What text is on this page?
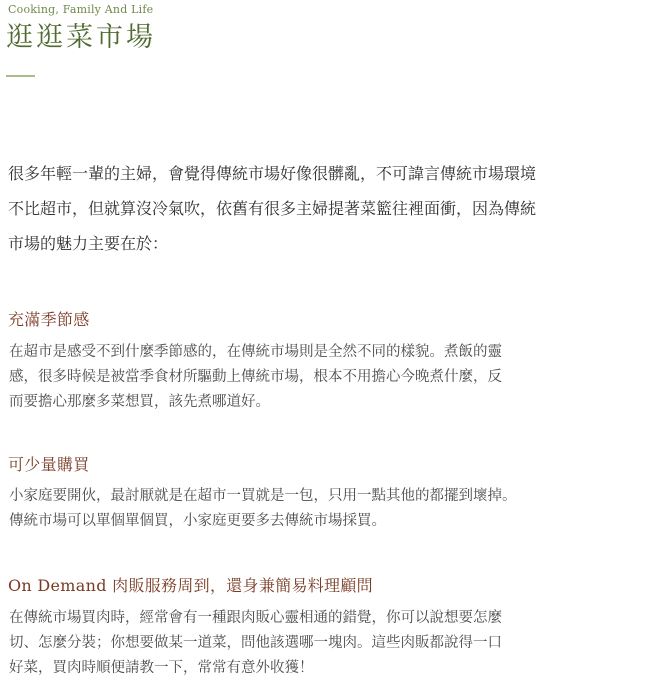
Cooking, Family And Life
逛逛菜市場

很多年輕一輩的主婦，會覺得傳統市場好像很髒亂，不可諱言傳統市場環境
不比超市，但就算沒冷氣吹，依舊有很多主婦提著菜籃往裡面衝，因為傳統
市場的魅力主要在於：

充滿季節感

在超市是感受不到什麼季節感的，在傳統市場則是全然不同的樣貌。煮飯的靈
感，很多時候是被當季食材所驅動上傳統市場，根本不用擔心今晚煮什麼，反
而要擔心那麼多菜想買，該先煮哪道好。

可少量購買

小家庭要開伙，最討厭就是在超市一買就是一包，只用一點其他的都擺到壞掉。
傳統市場可以單個單個買，小家庭更要多去傳統市場採買。

On Demand 肉販服務周到，還身兼簡易料理顧問

在傳統市場買肉時，經常會有一種跟肉販心靈相通的錯覺，你可以說想要怎麼
切、怎麼分裝；你想要做某一道菜，問他該選哪一塊肉。這些肉販都說得一口
好菜，買肉時順便請教一下，常常有意外收獲！
